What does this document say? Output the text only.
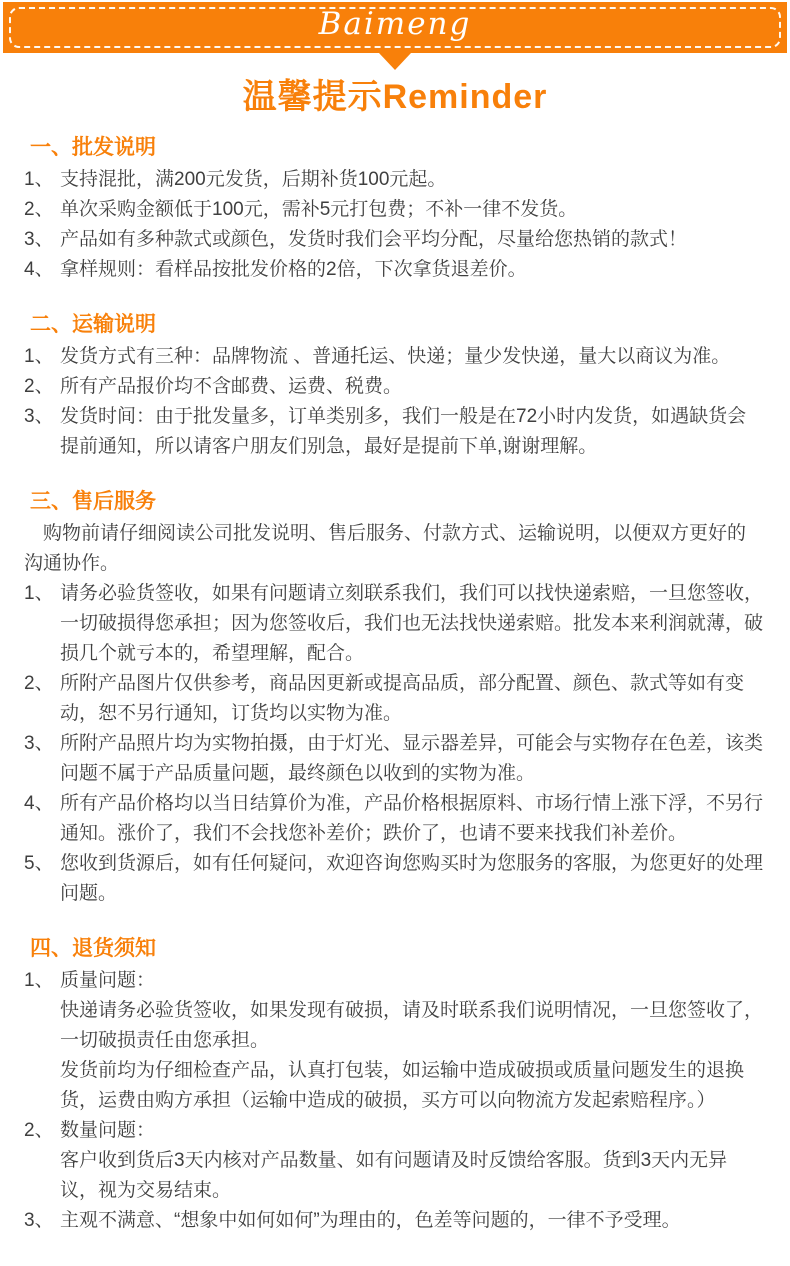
Baimeng
温馨提示Reminder
一、批发说明
1、 支持混批，满200元发货，后期补货100元起。

2、 单次采购金额低于100元，需补5元打包费；不补一律不发货。

3、 产品如有多种款式或颜色，发货时我们会平均分配，尽量给您热销的款式！

4、 拿样规则：看样品按批发价格的2倍，下次拿货退差价。

二、运输说明
1、 发货方式有三种：品牌物流 、普通托运、快递；量少发快递，量大以商议为准。

2、 所有产品报价均不含邮费、运费、税费。

3、 发货时间：由于批发量多，订单类别多，我们一般是在72小时内发货，如遇缺货会提前通知，所以请客户朋友们别急，最好是提前下单,谢谢理解。

三、售后服务

购物前请仔细阅读公司批发说明、售后服务、付款方式、运输说明，以便双方更好的沟通协作。

1、 请务必验货签收，如果有问题请立刻联系我们，我们可以找快递索赔，一旦您签收，一切破损得您承担；因为您签收后，我们也无法找快递索赔。批发本来利润就薄，破损几个就亏本的，希望理解，配合。

2、 所附产品图片仅供参考，商品因更新或提高品质，部分配置、颜色、款式等如有变动，恕不另行通知，订货均以实物为准。

3、 所附产品照片均为实物拍摄，由于灯光、显示器差异，可能会与实物存在色差，该类问题不属于产品质量问题，最终颜色以收到的实物为准。

4、 所有产品价格均以当日结算价为准，产品价格根据原料、市场行情上涨下浮，不另行通知。涨价了，我们不会找您补差价；跌价了，也请不要来找我们补差价。

5、 您收到货源后，如有任何疑问，欢迎咨询您购买时为您服务的客服，为您更好的处理问题。

四、退货须知
1、 质量问题：

快递请务必验货签收，如果发现有破损，请及时联系我们说明情况，一旦您签收了，一切破损责任由您承担。

发货前均为仔细检查产品，认真打包装，如运输中造成破损或质量问题发生的退换货，运费由购方承担（运输中造成的破损，买方可以向物流方发起索赔程序。）

2、 数量问题：

客户收到货后3天内核对产品数量、如有问题请及时反馈给客服。货到3天内无异议，视为交易结束。

3、 主观不满意、“想象中如何如何”为理由的，色差等问题的，一律不予受理。
